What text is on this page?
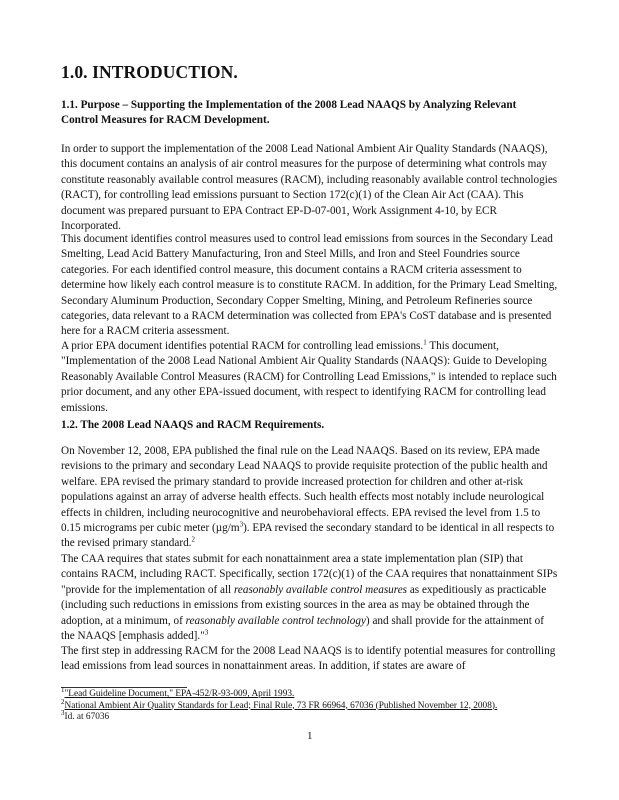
1.0. INTRODUCTION.
1.1. Purpose – Supporting the Implementation of the 2008 Lead NAAQS by Analyzing Relevant Control Measures for RACM Development.

In order to support the implementation of the 2008 Lead National Ambient Air Quality Standards (NAAQS), this document contains an analysis of air control measures for the purpose of determining what controls may constitute reasonably available control measures (RACM), including reasonably available control technologies (RACT), for controlling lead emissions pursuant to Section 172(c)(1) of the Clean Air Act (CAA). This document was prepared pursuant to EPA Contract EP-D-07-001, Work Assignment 4-10, by ECR Incorporated.

This document identifies control measures used to control lead emissions from sources in the Secondary Lead Smelting, Lead Acid Battery Manufacturing, Iron and Steel Mills, and Iron and Steel Foundries source categories. For each identified control measure, this document contains a RACM criteria assessment to determine how likely each control measure is to constitute RACM. In addition, for the Primary Lead Smelting, Secondary Aluminum Production, Secondary Copper Smelting, Mining, and Petroleum Refineries source categories, data relevant to a RACM determination was collected from EPA's CoST database and is presented here for a RACM criteria assessment.

A prior EPA document identifies potential RACM for controlling lead emissions.$^1$ This document, "Implementation of the 2008 Lead National Ambient Air Quality Standards (NAAQS): Guide to Developing Reasonably Available Control Measures (RACM) for Controlling Lead Emissions," is intended to replace such prior document, and any other EPA-issued document, with respect to identifying RACM for controlling lead emissions.

1.2. The 2008 Lead NAAQS and RACM Requirements.

On November 12, 2008, EPA published the final rule on the Lead NAAQS. Based on its review, EPA made revisions to the primary and secondary Lead NAAQS to provide requisite protection of the public health and welfare. EPA revised the primary standard to provide increased protection for children and other at-risk populations against an array of adverse health effects. Such health effects most notably include neurological effects in children, including neurocognitive and neurobehavioral effects. EPA revised the level from 1.5 to 0.15 micrograms per cubic meter $(\mu g/m^3)$. EPA revised the secondary standard to be identical in all respects to the revised primary standard.$^2$

The CAA requires that states submit for each nonattainment area a state implementation plan (SIP) that contains RACM, including RACT. Specifically, section 172(c)(1) of the CAA requires that nonattainment SIPs "provide for the implementation of all reasonably available control measures as expeditiously as practicable (including such reductions in emissions from existing sources in the area as may be obtained through the adoption, at a minimum, of reasonably available control technology) and shall provide for the attainment of the NAAQS [emphasis added]."$^3$

The first step in addressing RACM for the 2008 Lead NAAQS is to identify potential measures for controlling lead emissions from lead sources in nonattainment areas. In addition, if states are aware of

$^1$"Lead Guideline Document," EPA-452/R-93-009, April 1993.
$^2$National Ambient Air Quality Standards for Lead; Final Rule, 73 FR 66964, 67036 (Published November 12, 2008).
$^3$Id. at 67036
1
